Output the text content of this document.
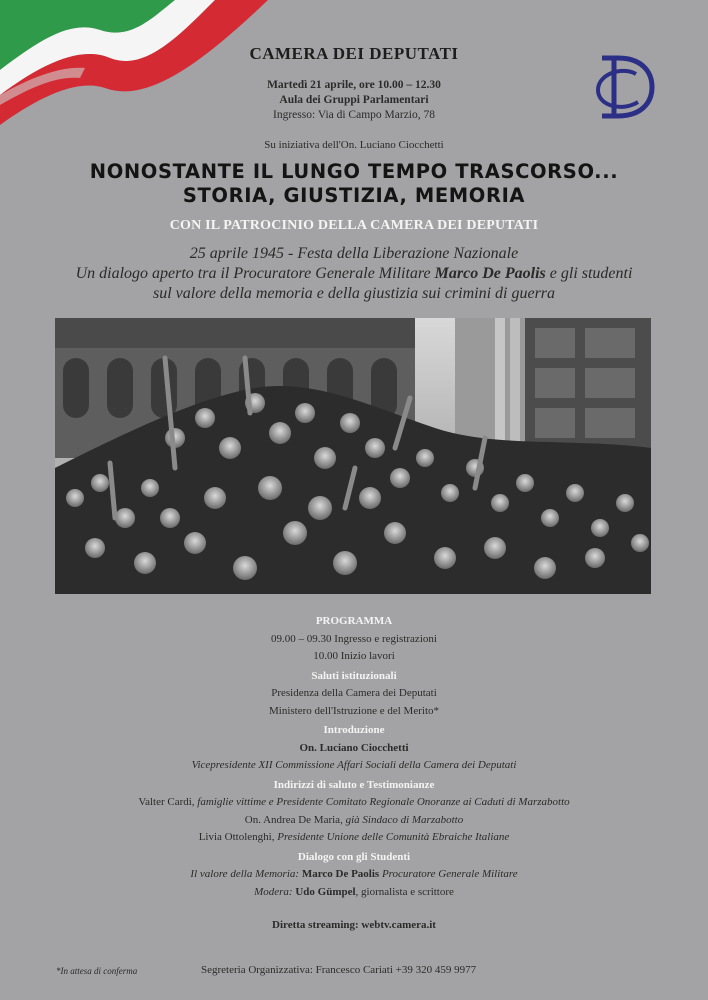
CAMERA DEI DEPUTATI
Martedì 21 aprile, ore 10.00 – 12.30
Aula dei Gruppi Parlamentari
Ingresso: Via di Campo Marzio, 78
Su iniziativa dell'On. Luciano Ciocchetti
NONOSTANTE IL LUNGO TEMPO TRASCORSO...
STORIA, GIUSTIZIA, MEMORIA
CON IL PATROCINIO DELLA CAMERA DEI DEPUTATI
25 aprile 1945 - Festa della Liberazione Nazionale
Un dialogo aperto tra il Procuratore Generale Militare Marco De Paolis e gli studenti
sul valore della memoria e della giustizia sui crimini di guerra
PROGRAMMA
09.00 – 09.30 Ingresso e registrazioni
10.00 Inizio lavori
Saluti istituzionali
Presidenza della Camera dei Deputati
Ministero dell'Istruzione e del Merito*
Introduzione
On. Luciano Ciocchetti
Vicepresidente XII Commissione Affari Sociali della Camera dei Deputati
Indirizzi di saluto e Testimonianze
Valter Cardi, famiglie vittime e Presidente Comitato Regionale Onoranze ai Caduti di Marzabotto
On. Andrea De Maria, già Sindaco di Marzabotto
Livia Ottolenghi, Presidente Unione delle Comunità Ebraiche Italiane
Dialogo con gli Studenti
Il valore della Memoria: Marco De Paolis Procuratore Generale Militare
Modera: Udo Gümpel, giornalista e scrittore
Diretta streaming: webtv.camera.it
*In attesa di conferma	Segreteria Organizzativa: Francesco Cariati +39 320 459 9977
